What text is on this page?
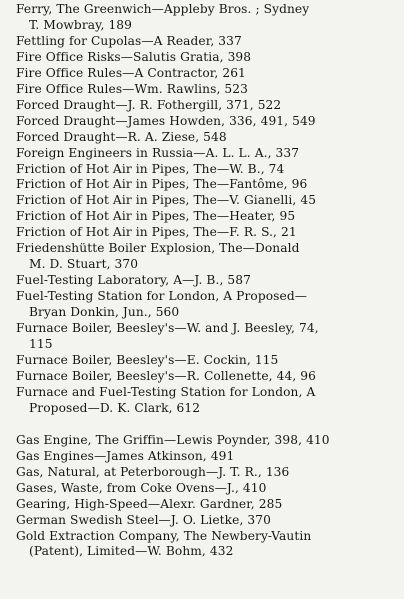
Ferry, The Greenwich—Appleby Bros. ; Sydney
T. Mowbray, 189

Fettling for Cupolas—A Reader, 337

Fire Office Risks—Salutis Gratia, 398

Fire Office Rules—A Contractor, 261

Fire Office Rules—Wm. Rawlins, 523

Forced Draught—J. R. Fothergill, 371, 522

Forced Draught—James Howden, 336, 491, 549

Forced Draught—R. A. Ziese, 548

Foreign Engineers in Russia—A. L. L. A., 337

Friction of Hot Air in Pipes, The—W. B., 74

Friction of Hot Air in Pipes, The—Fantôme, 96

Friction of Hot Air in Pipes, The—V. Gianelli, 45

Friction of Hot Air in Pipes, The—Heater, 95

Friction of Hot Air in Pipes, The—F. R. S., 21

Friedenshütte Boiler Explosion, The—Donald
M. D. Stuart, 370

Fuel-Testing Laboratory, A—J. B., 587

Fuel-Testing Station for London, A Proposed—
Bryan Donkin, Jun., 560

Furnace Boiler, Beesley's—W. and J. Beesley, 74,
115

Furnace Boiler, Beesley's—E. Cockin, 115

Furnace Boiler, Beesley's—R. Collenette, 44, 96

Furnace and Fuel-Testing Station for London, A
Proposed—D. K. Clark, 612

Gas Engine, The Griffin—Lewis Poynder, 398, 410

Gas Engines—James Atkinson, 491

Gas, Natural, at Peterborough—J. T. R., 136

Gases, Waste, from Coke Ovens—J., 410

Gearing, High-Speed—Alexr. Gardner, 285

German Swedish Steel—J. O. Lietke, 370

Gold Extraction Company, The Newbery-Vautin
(Patent), Limited—W. Bohm, 432
